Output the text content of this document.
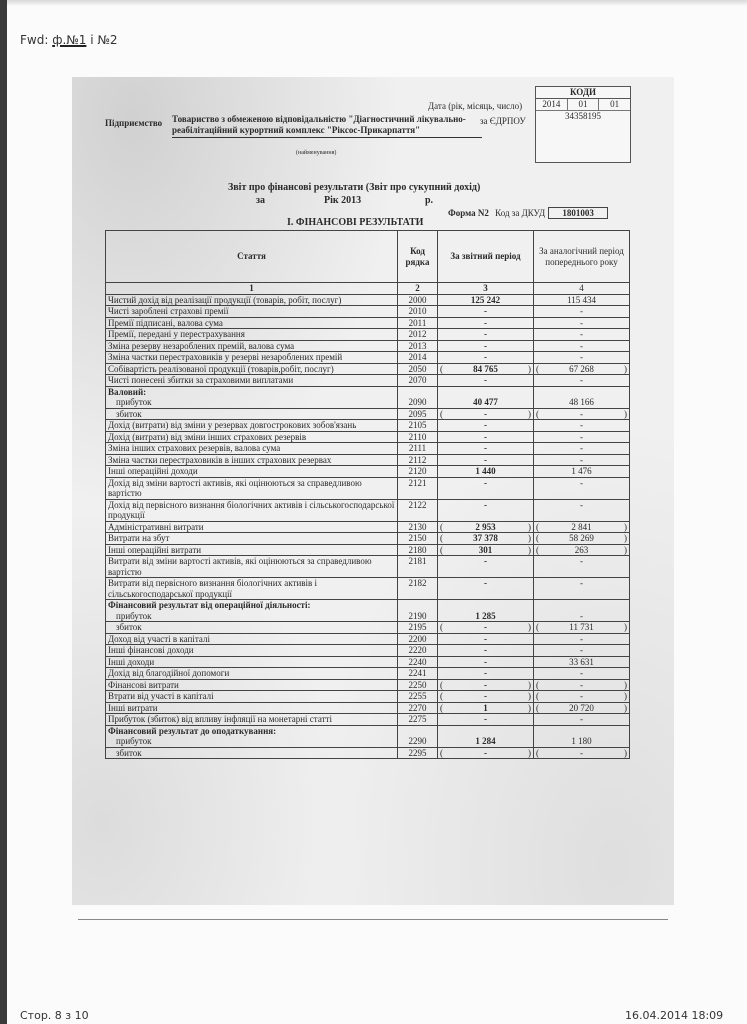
Fwd: ф.№1 і №2
КОДИ
2014	01	01
34358195
Дата (рік, місяць, число)
за ЄДРПОУ
Підприємство Товариство з обмеженою відповідальністю "Діагностичний лікувально-реабілітаційний курортний комплекс "Ріксос-Прикарпаття"
(найменування)
Звіт про фінансові результати (Звіт про сукупний дохід)
за	Рік 2013	р.
Форма N2 Код за ДКУД 1801003
І. ФІНАНСОВІ РЕЗУЛЬТАТИ
Стаття	Код рядка	За звітний період	За аналогічний період попереднього року
1	2	3	4

Чистий дохід від реалізації продукції (товарів, робіт, послуг)	2000	125 242	115 434

Чисті зароблені страхові премії	2010	-	-

Премії підписані, валова сума	2011	-	-

Премії, передані у перестрахування	2012	-	-

Зміна резерву незароблених премій, валова сума	2013	-	-

Зміна частки перестраховиків у резерві незароблених премій	2014	-	-

Собівартість реалізованої продукції (товарів,робіт, послуг)	2050	( 84 765 )	( 67 268 )

Чисті понесені збитки за страховими виплатами	2070	-	-

Валовий:
прибуток	2090	40 477	48 166

збиток	2095	( - )	( - )

Дохід (витрати) від зміни у резервах довгострокових зобов'язань	2105	-	-

Дохід (витрати) від зміни інших страхових резервів	2110	-	-

Зміна інших страхових резервів, валова сума	2111	-	-

Зміна частки перестраховиків в інших страхових резервах	2112	-	-

Інші операційні доходи	2120	1 440	1 476

Дохід від зміни вартості активів, які оцінюються за справедливою вартістю	2121	-	-

Дохід від первісного визнання біологічних активів і сільськогосподарської продукції	2122	-	-

Адміністративні витрати	2130	( 2 953 )	( 2 841 )

Витрати на збут	2150	( 37 378 )	( 58 269 )

Інші операційні витрати	2180	( 301 )	( 263 )

Витрати від зміни вартості активів, які оцінюються за справедливою вартістю	2181	-	-

Витрати від первісного визнання біологічних активів і сільськогосподарської продукції	2182	-	-

Фінансовий результат від операційної діяльності:
прибуток	2190	1 285	-

збиток	2195	( - )	( 11 731 )

Доход від участі в капіталі	2200	-	-

Інші фінансові доходи	2220	-	-

Інші доходи	2240	-	33 631

Дохід від благодійної допомоги	2241	-	-

Фінансові витрати	2250	( - )	( - )

Втрати від участі в капіталі	2255	( - )	( - )

Інші витрати	2270	( 1 )	( 20 720 )

Прибуток (збиток) від впливу інфляції на монетарні статті	2275	-	-

Фінансовий результат до оподаткування:
прибуток	2290	1 284	1 180

збиток	2295	( - )	( - )
Стор. 8 з 10	16.04.2014 18:09
